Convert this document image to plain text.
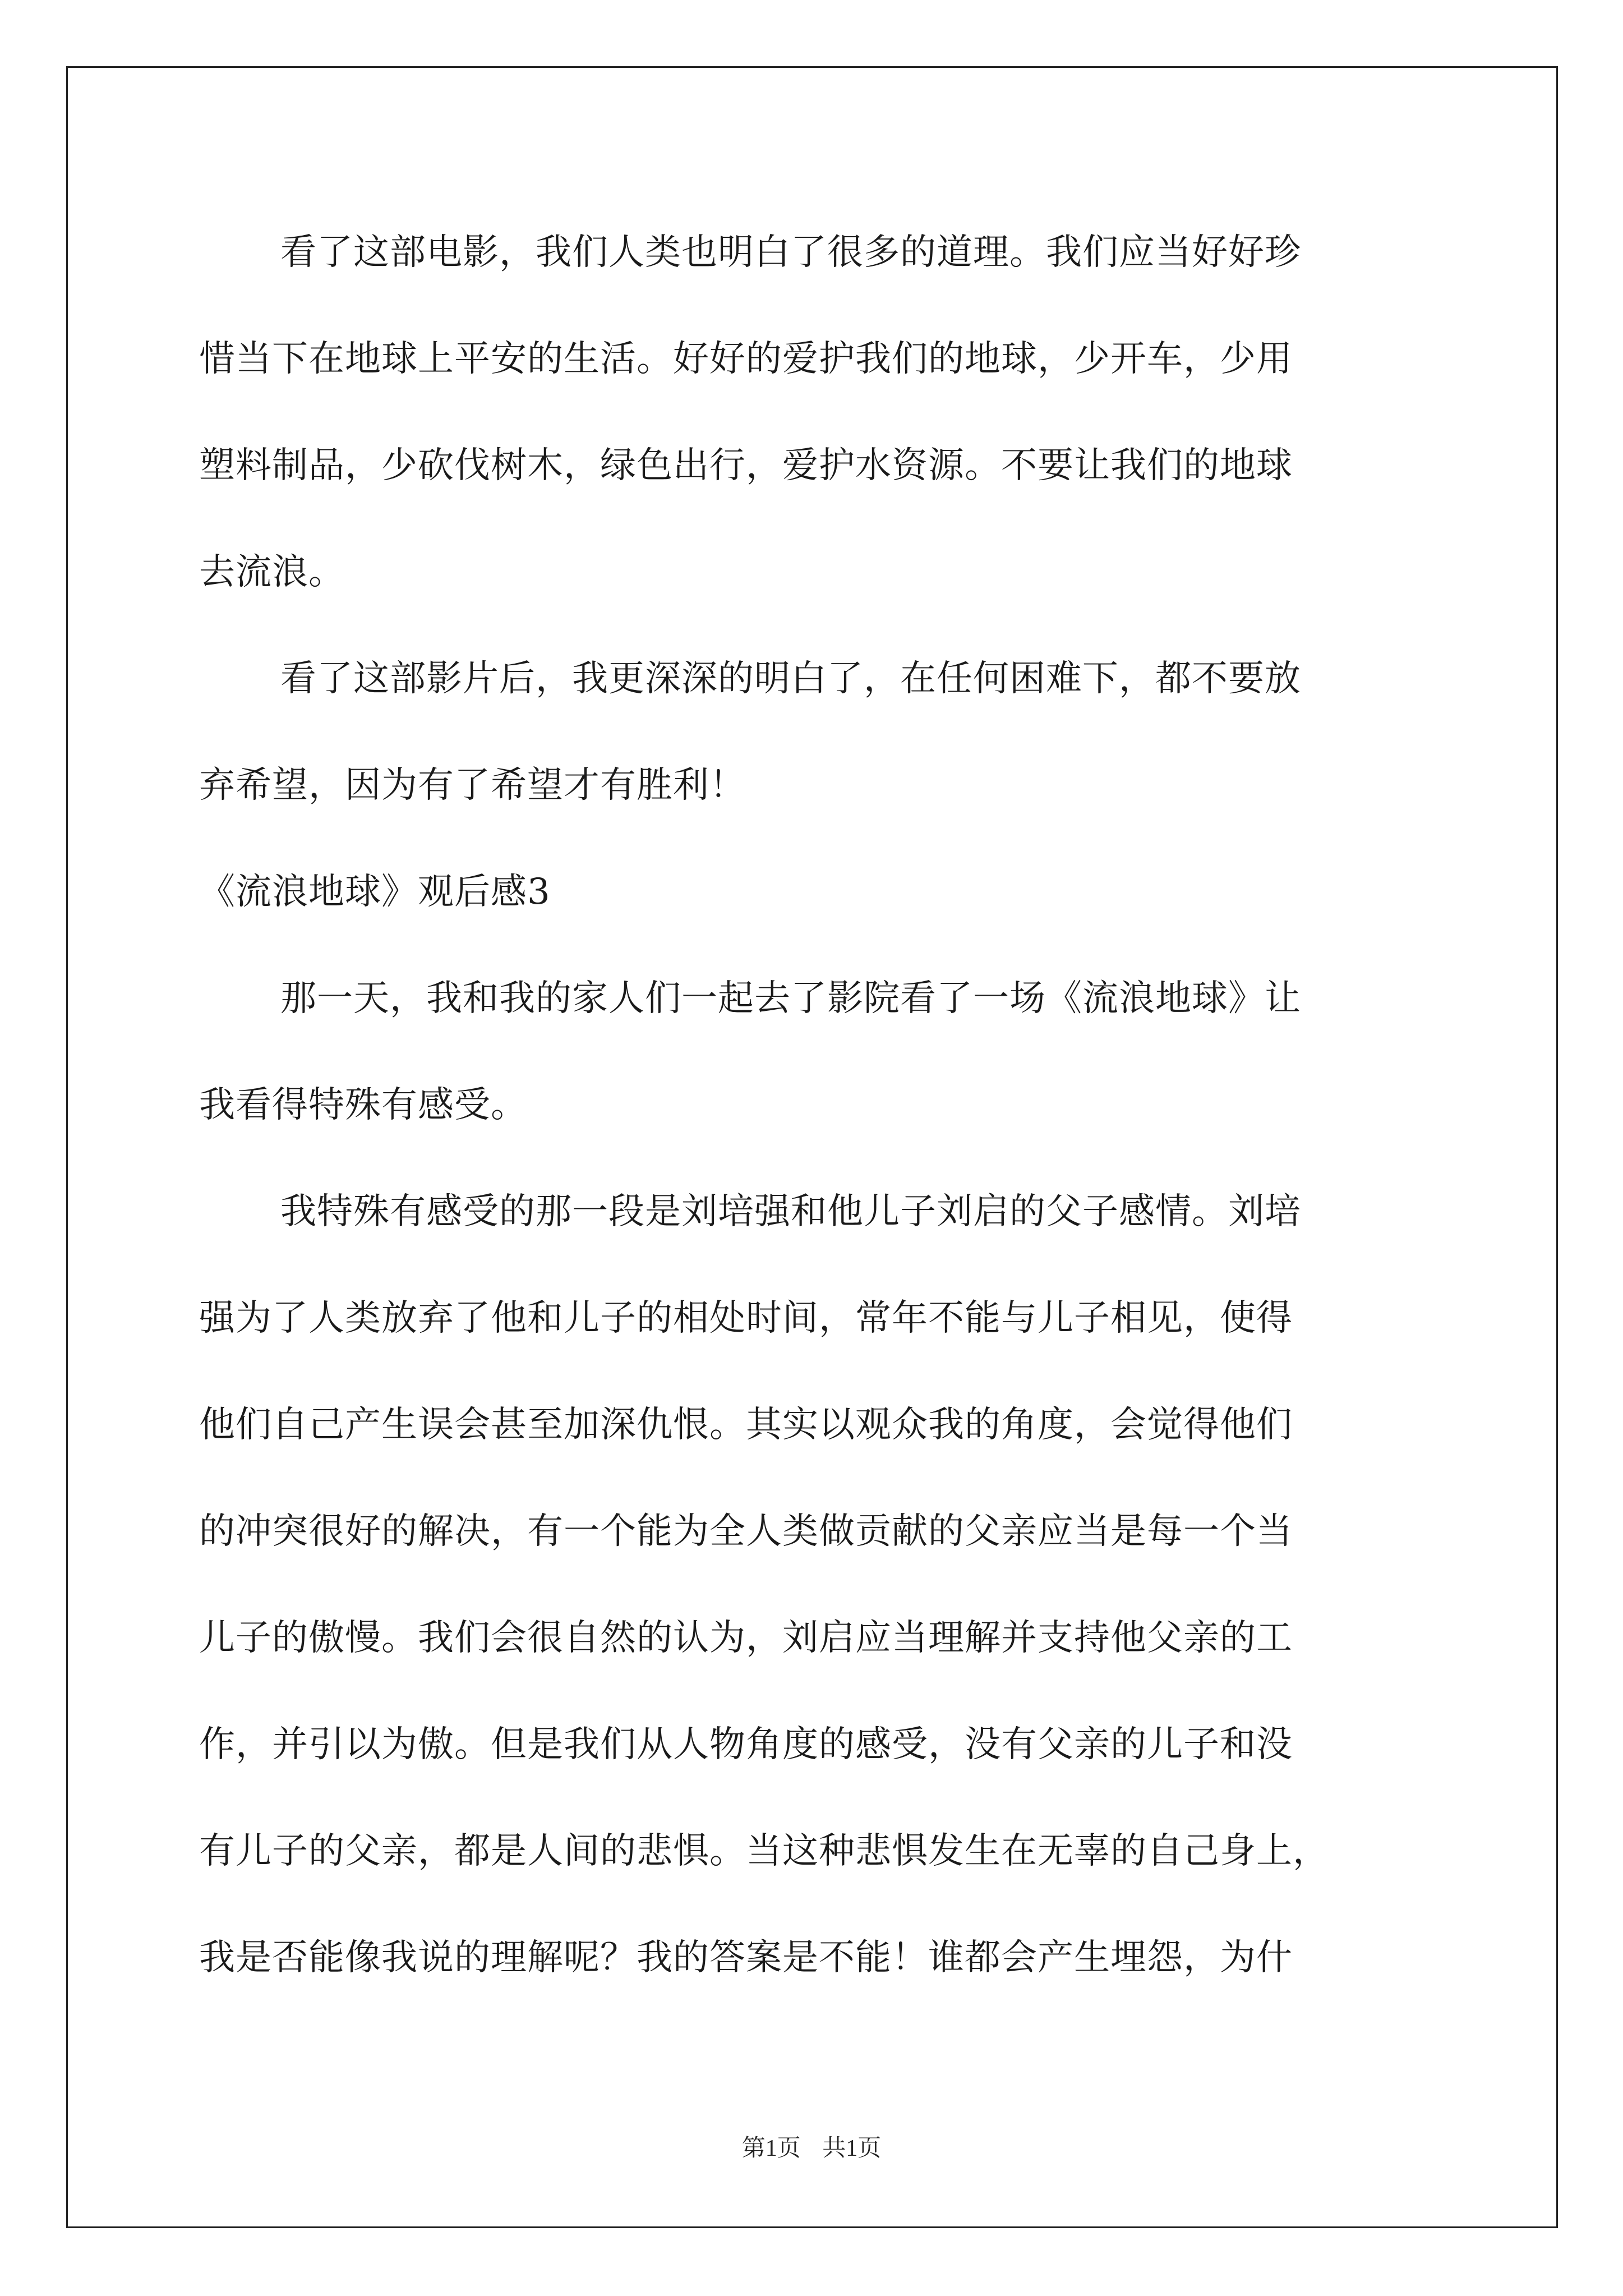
看了这部电影，我们人类也明白了很多的道理。我们应当好好珍
惜当下在地球上平安的生活。好好的爱护我们的地球，少开车，少用
塑料制品，少砍伐树木，绿色出行，爱护水资源。不要让我们的地球
去流浪。
看了这部影片后，我更深深的明白了，在任何困难下，都不要放
弃希望，因为有了希望才有胜利！
《流浪地球》观后感3
那一天，我和我的家人们一起去了影院看了一场《流浪地球》让
我看得特殊有感受。
我特殊有感受的那一段是刘培强和他儿子刘启的父子感情。刘培
强为了人类放弃了他和儿子的相处时间，常年不能与儿子相见，使得
他们自己产生误会甚至加深仇恨。其实以观众我的角度，会觉得他们
的冲突很好的解决，有一个能为全人类做贡献的父亲应当是每一个当
儿子的傲慢。我们会很自然的认为，刘启应当理解并支持他父亲的工
作，并引以为傲。但是我们从人物角度的感受，没有父亲的儿子和没
有儿子的父亲，都是人间的悲惧。当这种悲惧发生在无辜的自己身上，
我是否能像我说的理解呢？我的答案是不能！谁都会产生埋怨，为什
第1页 共1页
